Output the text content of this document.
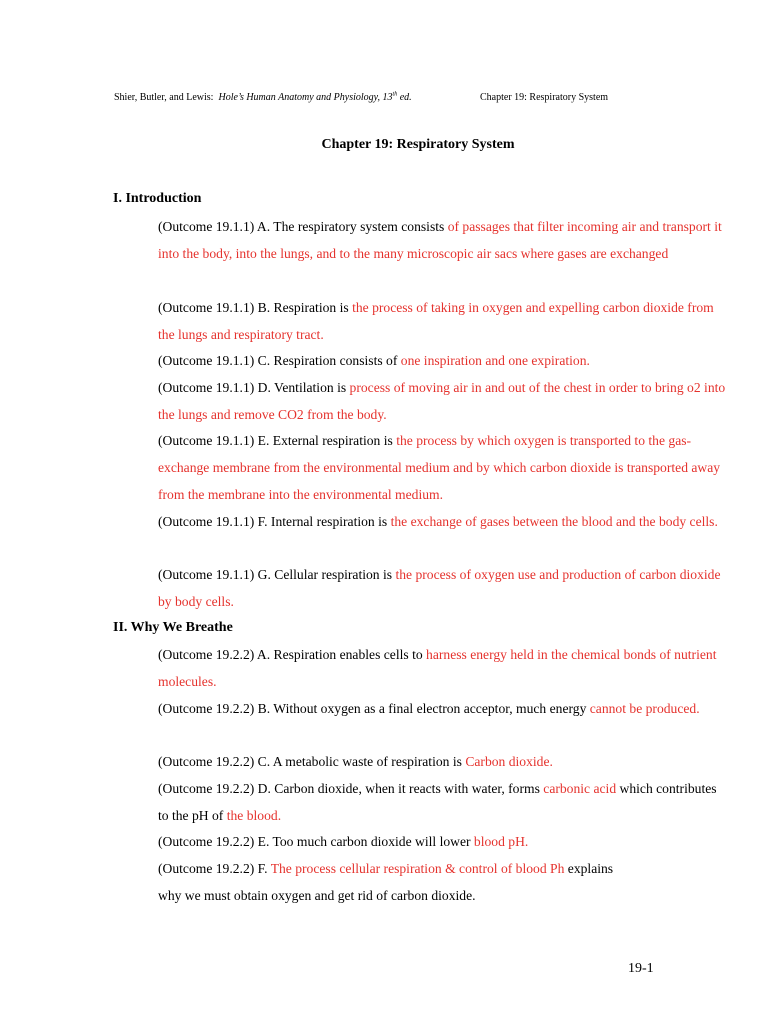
Shier, Butler, and Lewis: Hole’s Human Anatomy and Physiology, 13th ed.	Chapter 19: Respiratory System
Chapter 19: Respiratory System
I. Introduction
(Outcome 19.1.1) A. The respiratory system consists of passages that filter incoming air and transport it into the body, into the lungs, and to the many microscopic air sacs where gases are exchanged
(Outcome 19.1.1) B. Respiration is the process of taking in oxygen and expelling carbon dioxide from the lungs and respiratory tract.
(Outcome 19.1.1) C. Respiration consists of one inspiration and one expiration.
(Outcome 19.1.1) D. Ventilation is process of moving air in and out of the chest in order to bring o2 into the lungs and remove CO2 from the body.
(Outcome 19.1.1) E. External respiration is the process by which oxygen is transported to the gas-exchange membrane from the environmental medium and by which carbon dioxide is transported away from the membrane into the environmental medium.
(Outcome 19.1.1) F. Internal respiration is the exchange of gases between the blood and the body cells.
(Outcome 19.1.1) G. Cellular respiration is the process of oxygen use and production of carbon dioxide by body cells.
II. Why We Breathe
(Outcome 19.2.2) A. Respiration enables cells to harness energy held in the chemical bonds of nutrient molecules.
(Outcome 19.2.2) B. Without oxygen as a final electron acceptor, much energy cannot be produced.
(Outcome 19.2.2) C. A metabolic waste of respiration is Carbon dioxide.
(Outcome 19.2.2) D. Carbon dioxide, when it reacts with water, forms carbonic acid which contributes to the pH of the blood.
(Outcome 19.2.2) E. Too much carbon dioxide will lower blood pH.
(Outcome 19.2.2) F. The process cellular respiration & control of blood Ph explains
why we must obtain oxygen and get rid of carbon dioxide.
19-1
